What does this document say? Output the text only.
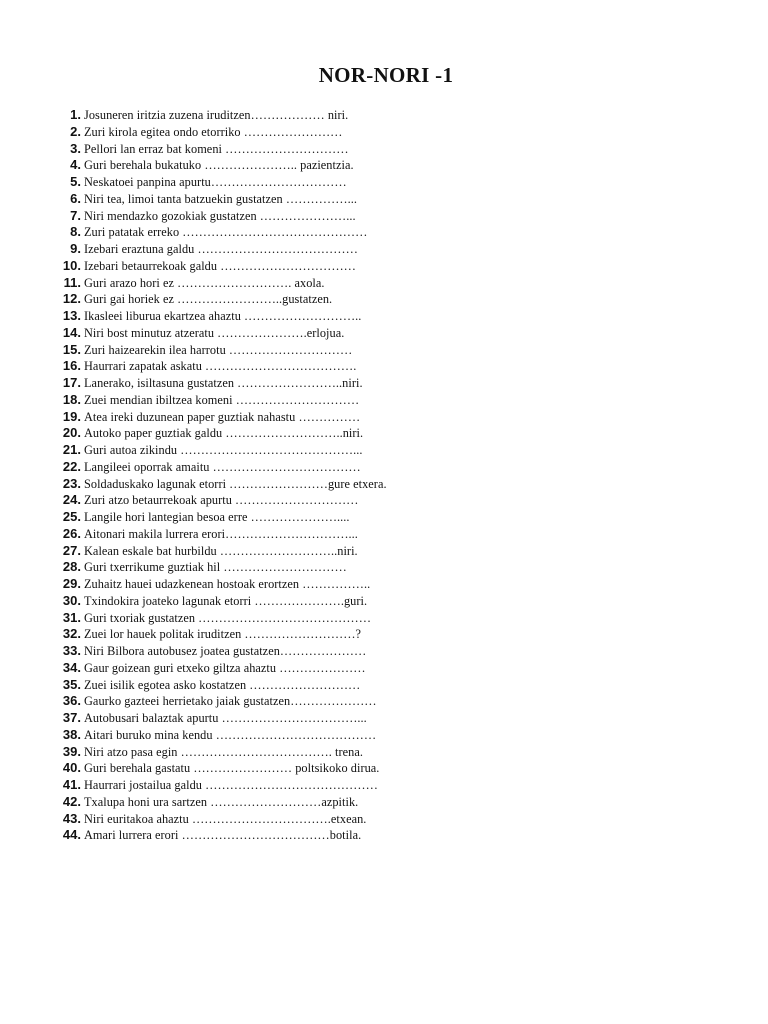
NOR-NORI -1
1. Josuneren iritzia zuzena iruditzen……………… niri.
2. Zuri kirola egitea ondo etorriko ……………………
3. Pellori lan erraz bat komeni …………………………
4. Guri berehala bukatuko ………………….. pazientzia.
5. Neskatoei panpina apurtu……………………………
6. Niri tea, limoi tanta batzuekin gustatzen ……………...
7. Niri mendazko gozokiak gustatzen …………………...
8. Zuri patatak erreko ………………………………………
9. Izebari eraztuna galdu …………………………………
10. Izebari betaurrekoak galdu ……………………………
11. Guri arazo hori ez ………………………. axola.
12. Guri gai horiek ez ……………………..gustatzen.
13. Ikasleei liburua ekartzea ahaztu ………………………..
14. Niri bost minutuz atzeratu ………………….erlojua.
15. Zuri haizearekin ilea harrotu …………………………
16. Haurrari zapatak askatu ……………………………….
17. Lanerako, isiltasuna gustatzen ……………………..niri.
18. Zuei mendian ibiltzea komeni …………………………
19. Atea ireki duzunean paper guztiak nahastu ……………
20. Autoko paper guztiak galdu ………………………..niri.
21. Guri autoa zikindu ……………………………………...
22. Langileei oporrak amaitu ………………………………
23. Soldaduskako lagunak etorri ……………………gure etxera.
24. Zuri atzo betaurrekoak apurtu …………………………
25. Langile hori lantegian besoa erre …………………....
26. Aitonari makila lurrera erori…………………………...
27. Kalean eskale bat hurbildu ………………………..niri.
28. Guri txerrikume guztiak hil …………………………
29. Zuhaitz hauei udazkenean hostoak erortzen ……………..
30. Txindokira joateko lagunak etorri ………………….guri.
31. Guri txoriak gustatzen ……………………………………
32. Zuei lor hauek politak iruditzen ………………………?
33. Niri Bilbora autobusez joatea gustatzen…………………
34. Gaur goizean guri etxeko giltza ahaztu …………………
35. Zuei isilik egotea asko kostatzen ………………………
36. Gaurko gazteei herrietako jaiak gustatzen…………………
37. Autobusari balaztak apurtu ……………………………...
38. Aitari buruko mina kendu …………………………………
39. Niri atzo pasa egin ………………………………. trena.
40. Guri berehala gastatu …………………… poltsikoko dirua.
41. Haurrari jostailua galdu ……………………………………
42. Txalupa honi ura sartzen ………………………azpitik.
43. Niri euritakoa ahaztu …………………………….etxean.
44. Amari lurrera erori ………………………………botila.
